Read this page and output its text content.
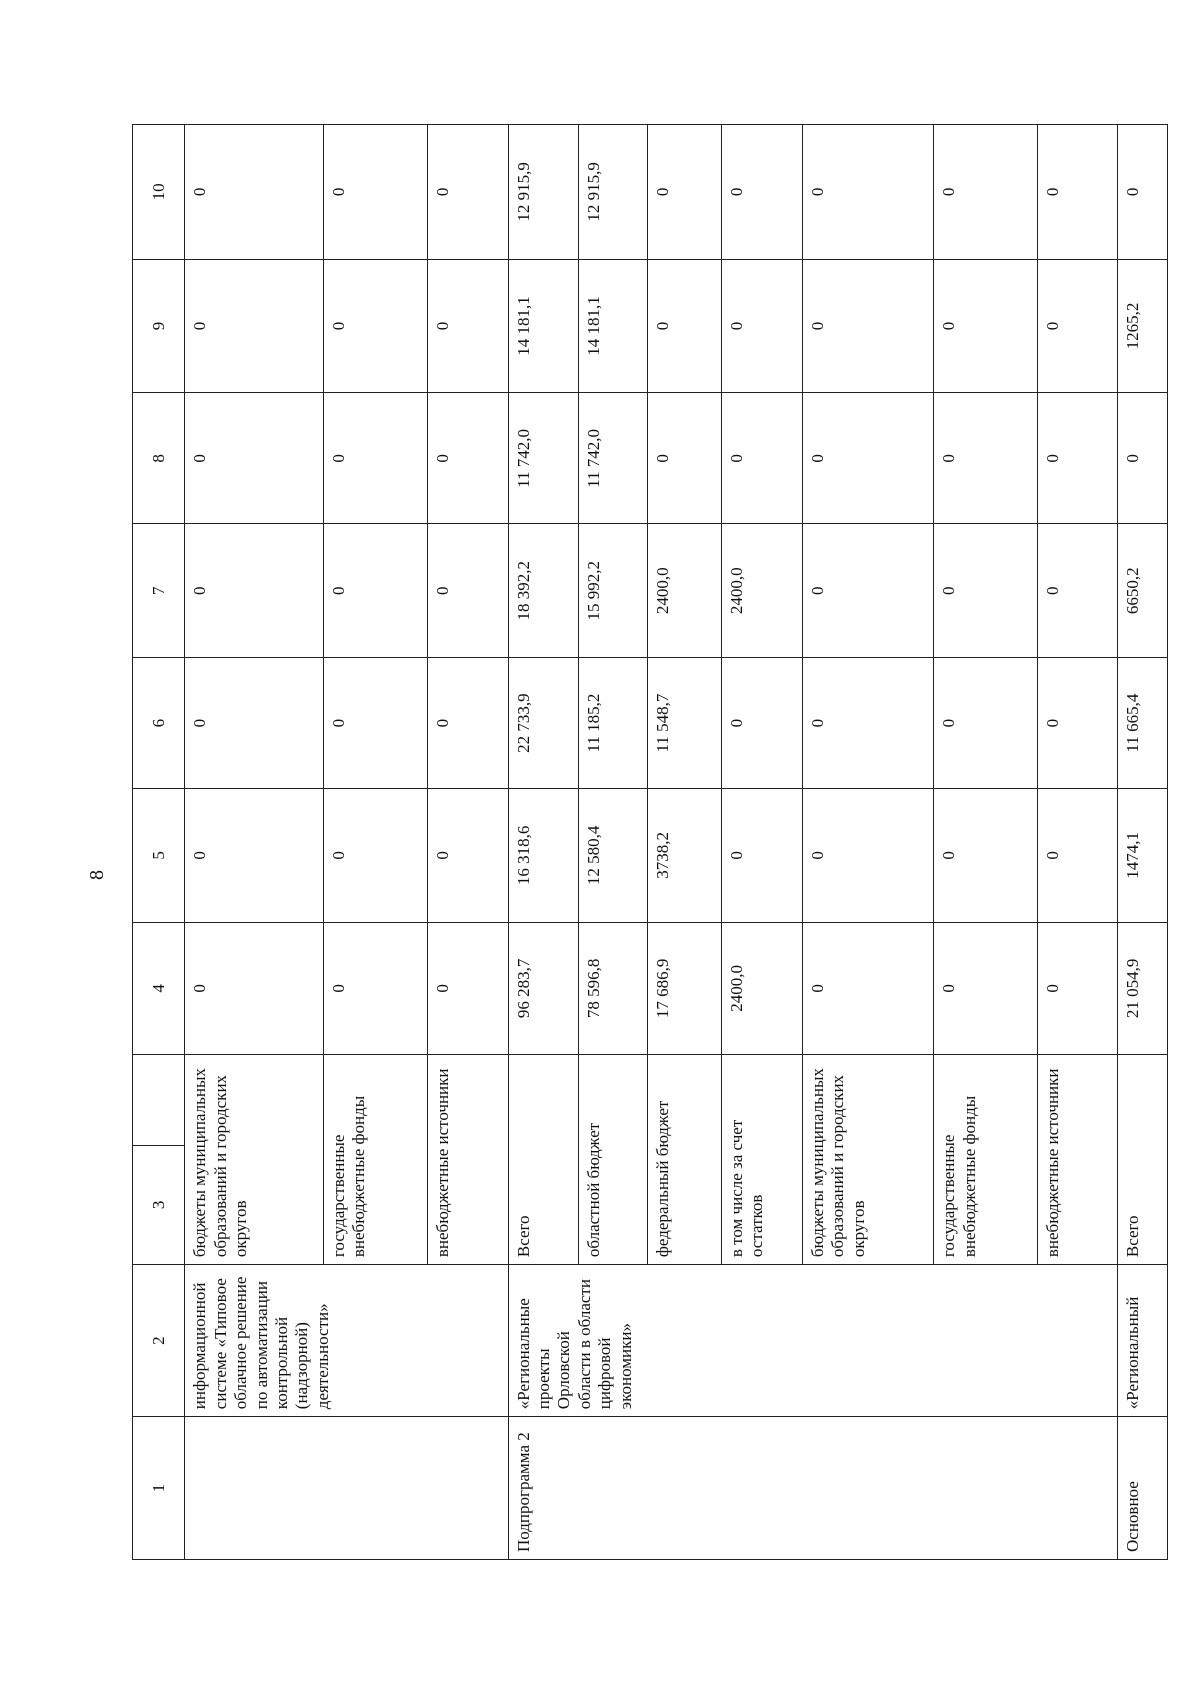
8
1	2	3		4	5	6	7	8	9	10
	информационной системе «Типовое облачное решение по автоматизации контрольной (надзорной) деятельности»	бюджеты муниципальных образований и городских округов		0	0	0	0	0	0	0
		государственные внебюджетные фонды		0	0	0	0	0	0	0
		внебюджетные источники		0	0	0	0	0	0	0
Подпрограмма 2	«Региональные проекты Орловской области в области цифровой экономики»	Всего		96 283,7	16 318,6	22 733,9	18 392,2	11 742,0	14 181,1	12 915,9
		областной бюджет		78 596,8	12 580,4	11 185,2	15 992,2	11 742,0	14 181,1	12 915,9
		федеральный бюджет		17 686,9	3738,2	11 548,7	2400,0	0	0	0
		в том числе за счет остатков		2400,0	0	0	2400,0	0	0	0
		бюджеты муниципальных образований и городских округов		0	0	0	0	0	0	0
		государственные внебюджетные фонды		0	0	0	0	0	0	0
		внебюджетные источники		0	0	0	0	0	0	0
Основное	«Региональный	Всего		21 054,9	1474,1	11 665,4	6650,2	0	1265,2	0
